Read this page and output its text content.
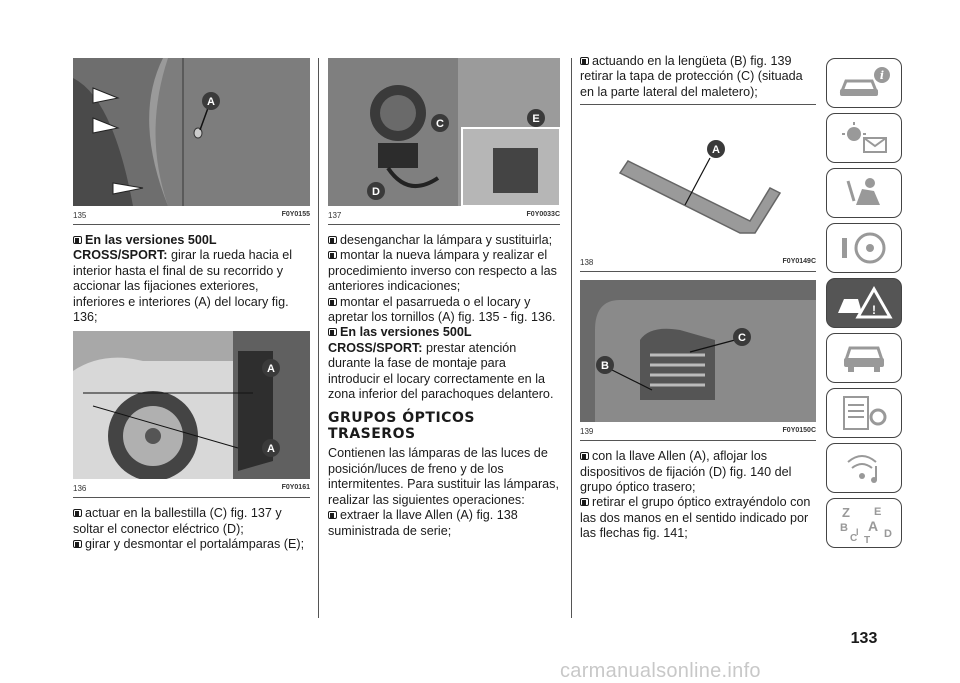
A
135	F0Y0155

En las versiones 500L CROSS/SPORT: girar la rueda hacia el interior hasta el final de su recorrido y accionar las fijaciones exteriores, inferiores e interiores (A) del locary fig. 136;

A
A
136	F0Y0161

actuar en la ballestilla (C) fig. 137 y soltar el conector eléctrico (D);

girar y desmontar el portalámparas (E);

C
D
E
137	F0Y0033C

desenganchar la lámpara y sustituirla;

montar la nueva lámpara y realizar el procedimiento inverso con respecto a las anteriores indicaciones;

montar el pasarrueda o el locary y apretar los tornillos (A) fig. 135 - fig. 136.

En las versiones 500L CROSS/SPORT: prestar atención durante la fase de montaje para introducir el locary correctamente en la zona inferior del parachoques delantero.

GRUPOS ÓPTICOS TRASEROS

Contienen las lámparas de las luces de posición/luces de freno y de los intermitentes. Para sustituir las lámparas, realizar las siguientes operaciones:

extraer la llave Allen (A) fig. 138 suministrada de serie;

actuando en la lengüeta (B) fig. 139 retirar la tapa de protección (C) (situada en la parte lateral del maletero);

A
138	F0Y0149C
C
B
139	F0Y0150C

con la llave Allen (A), aflojar los dispositivos de fijación (D) fig. 140 del grupo óptico trasero;

retirar el grupo óptico extrayéndolo con las dos manos en el sentido indicado por las flechas fig. 141;

i
!
Z E
B A
C T
D
I
133
carmanualsonline.info
